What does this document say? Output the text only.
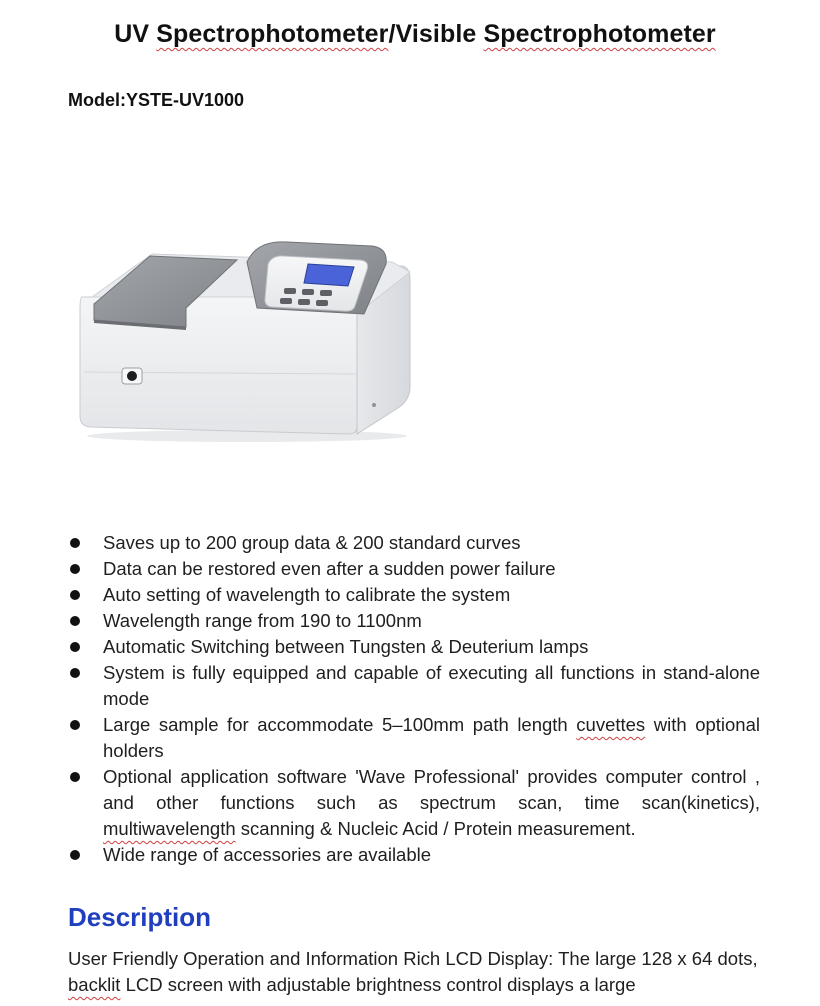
UV Spectrophotometer/Visible Spectrophotometer
Model:YSTE-UV1000
Saves up to 200 group data & 200 standard curves
Data can be restored even after a sudden power failure
Auto setting of wavelength to calibrate the system
Wavelength range from 190 to 1100nm
Automatic Switching between Tungsten & Deuterium lamps
System is fully equipped and capable of executing all functions in stand-alone mode
Large sample for accommodate 5–100mm path length cuvettes with optional holders
Optional application software 'Wave Professional' provides computer control , and other functions such as spectrum scan, time scan(kinetics), multiwavelength scanning & Nucleic Acid / Protein measurement.
Wide range of accessories are available
Description

User Friendly Operation and Information Rich LCD Display: The large 128 x 64 dots, backlit LCD screen with adjustable brightness control displays a large
